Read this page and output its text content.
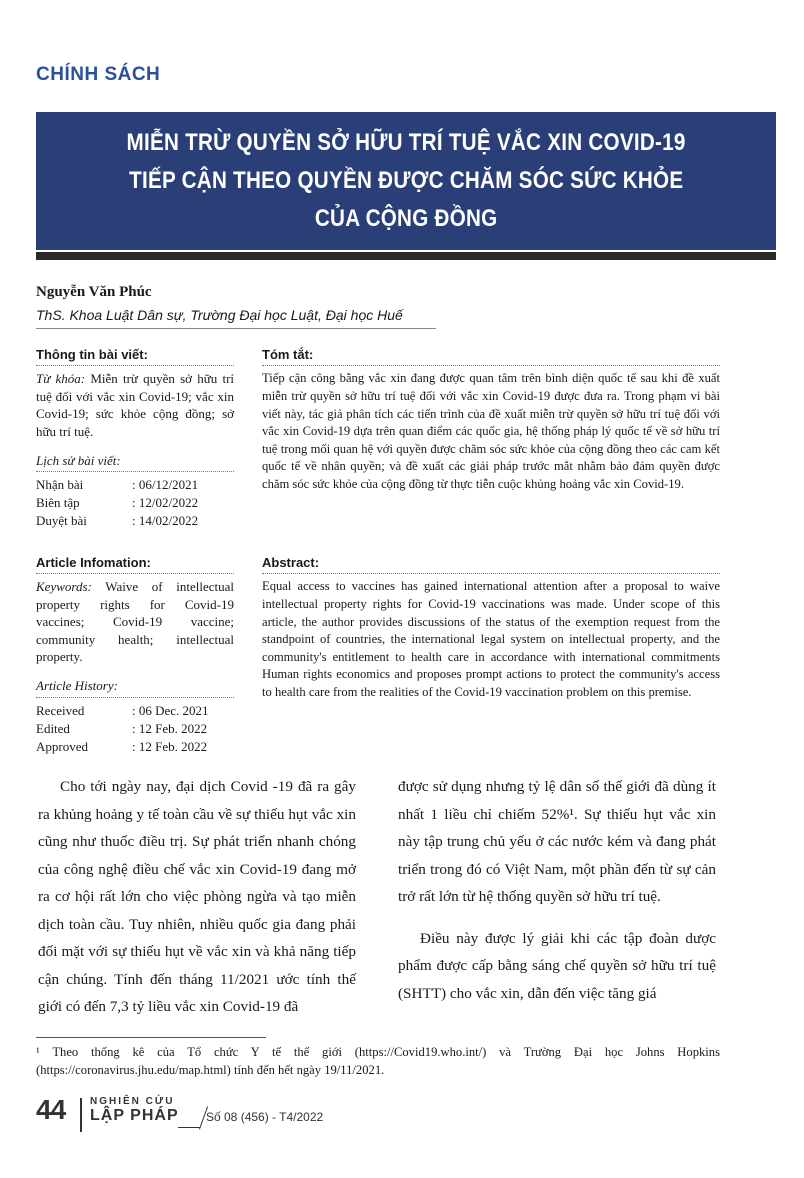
CHÍNH SÁCH
MIỄN TRỪ QUYỀN SỞ HỮU TRÍ TUỆ VẮC XIN COVID-19
TIẾP CẬN THEO QUYỀN ĐƯỢC CHĂM SÓC SỨC KHỎE
CỦA CỘNG ĐỒNG
Nguyễn Văn Phúc
ThS. Khoa Luật Dân sự, Trường Đại học Luật, Đại học Huế
Thông tin bài viết:
Từ khóa: Miễn trừ quyền sở hữu trí tuệ đối với vắc xin Covid-19; vắc xin Covid-19; sức khỏe cộng đồng; sở hữu trí tuệ.
Lịch sử bài viết:
Nhận bài	: 06/12/2021
Biên tập	: 12/02/2022
Duyệt bài	: 14/02/2022
Tóm tắt:
Tiếp cận công bằng vắc xin đang được quan tâm trên bình diện quốc tế sau khi đề xuất miễn trừ quyền sở hữu trí tuệ đối với vắc xin Covid-19 được đưa ra. Trong phạm vi bài viết này, tác giả phân tích các tiến trình của đề xuất miễn trừ quyền sở hữu trí tuệ đối với vắc xin Covid-19 dựa trên quan điểm các quốc gia, hệ thống pháp lý quốc tế về sở hữu trí tuệ trong mối quan hệ với quyền được chăm sóc sức khỏe của cộng đồng theo các cam kết quốc tế về nhân quyền; và đề xuất các giải pháp trước mắt nhằm bảo đảm quyền được chăm sóc sức khỏe của cộng đồng từ thực tiễn cuộc khủng hoảng vắc xin Covid-19.
Article Infomation:
Keywords: Waive of intellectual property rights for Covid-19 vaccines; Covid-19 vaccine; community health; intellectual property.
Article History:
Received	: 06 Dec. 2021
Edited	: 12 Feb. 2022
Approved	: 12 Feb. 2022
Abstract:
Equal access to vaccines has gained international attention after a proposal to waive intellectual property rights for Covid-19 vaccinations was made. Under scope of this article, the author provides discussions of the status of the exemption request from the standpoint of countries, the international legal system on intellectual property, and the community's entitlement to health care in accordance with international commitments Human rights economics and proposes prompt actions to protect the community's access to health care from the realities of the Covid-19 vaccination problem on this premise.

Cho tới ngày nay, đại dịch Covid -19 đã ra gây ra khủng hoảng y tế toàn cầu về sự thiếu hụt vắc xin cũng như thuốc điều trị. Sự phát triển nhanh chóng của công nghệ điều chế vắc xin Covid-19 đang mở ra cơ hội rất lớn cho việc phòng ngừa và tạo miễn dịch toàn cầu. Tuy nhiên, nhiều quốc gia đang phải đối mặt với sự thiếu hụt về vắc xin và khả năng tiếp cận chúng. Tính đến tháng 11/2021 ước tính thế giới có đến 7,3 tỷ liều vắc xin Covid-19 đã

được sử dụng nhưng tỷ lệ dân số thế giới đã dùng ít nhất 1 liều chỉ chiếm 52%¹. Sự thiếu hụt vắc xin này tập trung chủ yếu ở các nước kém và đang phát triển trong đó có Việt Nam, một phần đến từ sự cản trở rất lớn từ hệ thống quyền sở hữu trí tuệ.

Điều này được lý giải khi các tập đoàn dược phẩm được cấp bằng sáng chế quyền sở hữu trí tuệ (SHTT) cho vắc xin, dẫn đến việc tăng giá

¹ Theo thống kê của Tổ chức Y tế thế giới (https://Covid19.who.int/) và Trường Đại học Johns Hopkins (https://coronavirus.jhu.edu/map.html) tính đến hết ngày 19/11/2021.
44 NGHIÊN CỨU
LẬP PHÁP Số 08 (456) - T4/2022
